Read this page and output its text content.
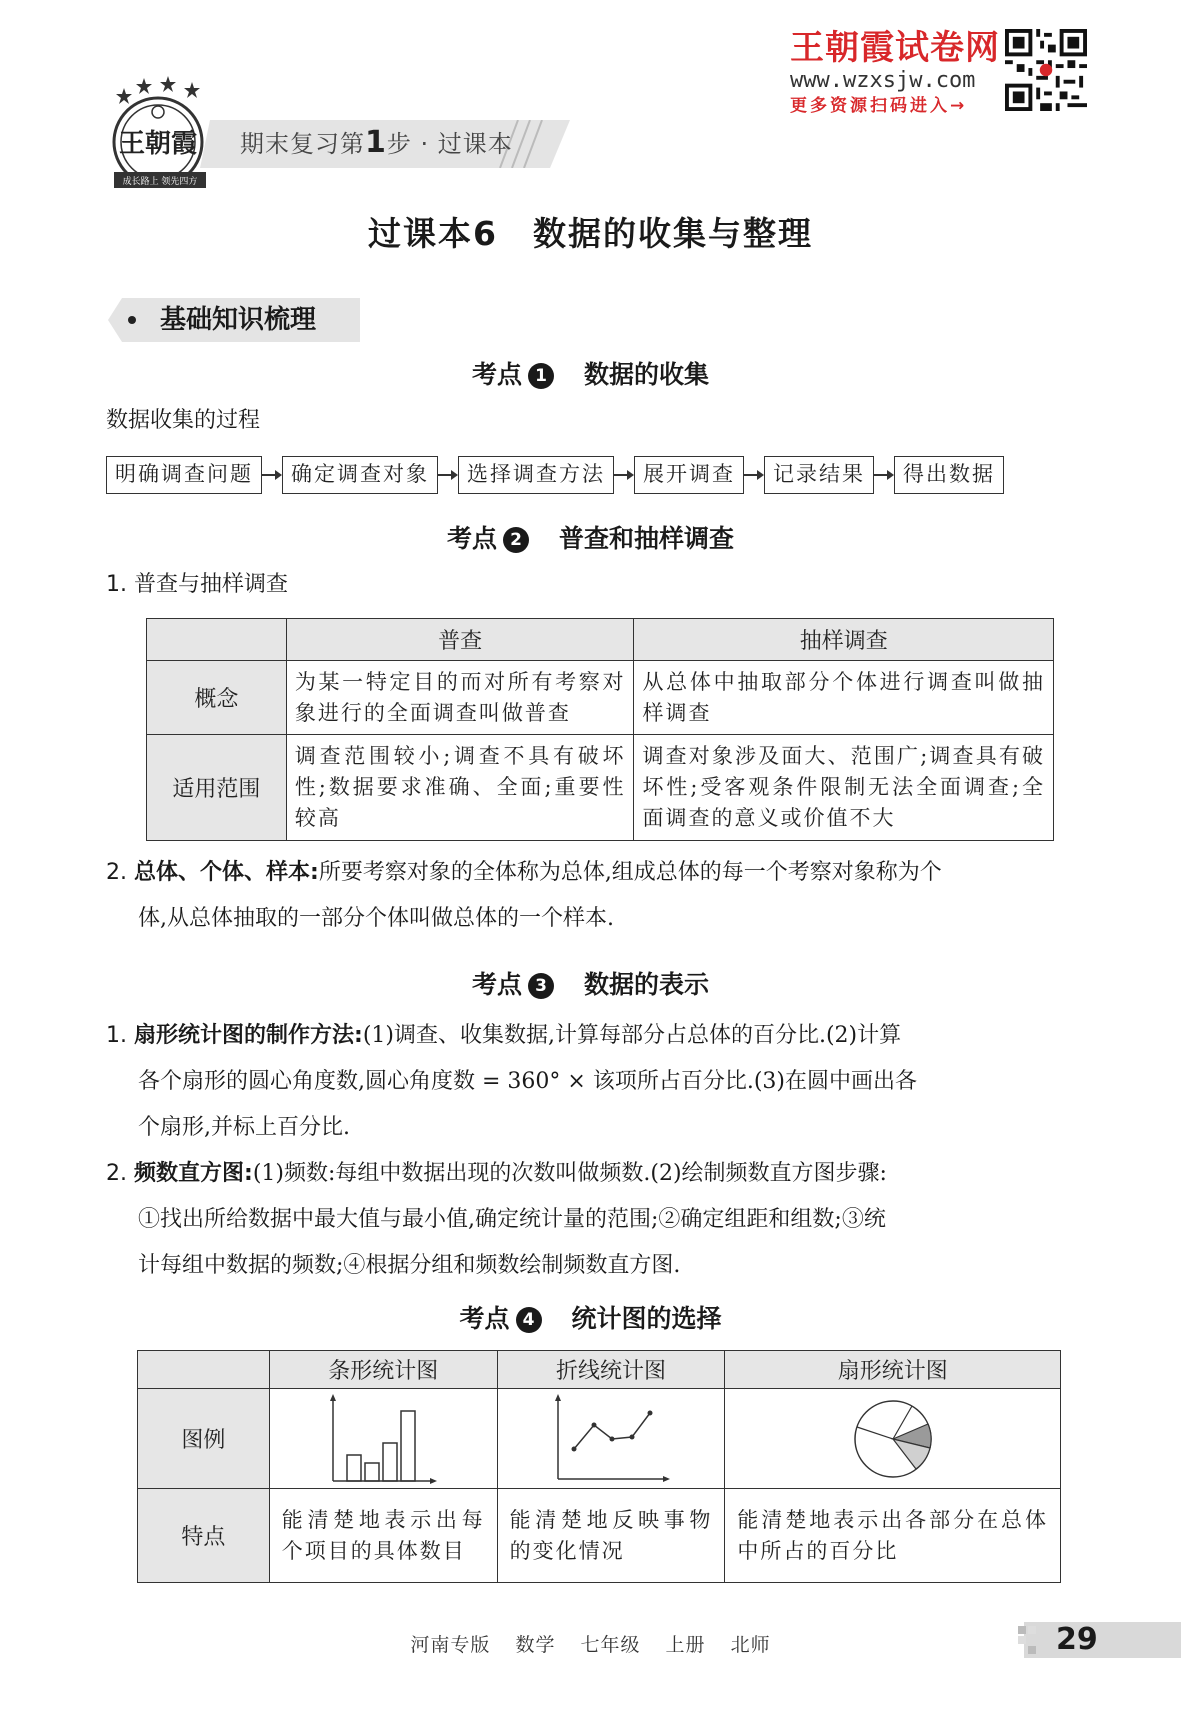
王朝霞试卷网
www.wzxsjw.com
更多资源扫码进入→
王朝霞
成长路上 领先四方
期末复习第1步 · 过课本
过课本6　数据的收集与整理
基础知识梳理
考点 1 数据的收集
数据收集的过程
明确调查问题	确定调查对象	选择调查方法	展开调查	记录结果	得出数据
考点 2 普查和抽样调查
1. 普查与抽样调查
	普查	抽样调查
概念	为某一特定目的而对所有考察对象进行的全面调查叫做普查	从总体中抽取部分个体进行调查叫做抽样调查
适用范围	调查范围较小;调查不具有破坏性;数据要求准确、全面;重要性较高	调查对象涉及面大、范围广;调查具有破坏性;受客观条件限制无法全面调查;全面调查的意义或价值不大
2. 总体、个体、样本:所要考察对象的全体称为总体,组成总体的每一个考察对象称为个
体,从总体抽取的一部分个体叫做总体的一个样本.
考点 3 数据的表示
1. 扇形统计图的制作方法:(1)调查、收集数据,计算每部分占总体的百分比.(2)计算
各个扇形的圆心角度数,圆心角度数 = 360° × 该项所占百分比.(3)在圆中画出各
个扇形,并标上百分比.
2. 频数直方图:(1)频数:每组中数据出现的次数叫做频数.(2)绘制频数直方图步骤:
①找出所给数据中最大值与最小值,确定统计量的范围;②确定组距和组数;③统
计每组中数据的频数;④根据分组和频数绘制频数直方图.
考点 4 统计图的选择
	条形统计图	折线统计图	扇形统计图
图例	

特点	能清楚地表示出每个项目的具体数目	能清楚地反映事物的变化情况	能清楚地表示出各部分在总体中所占的百分比
河南专版 数学 七年级 上册 北师	29
